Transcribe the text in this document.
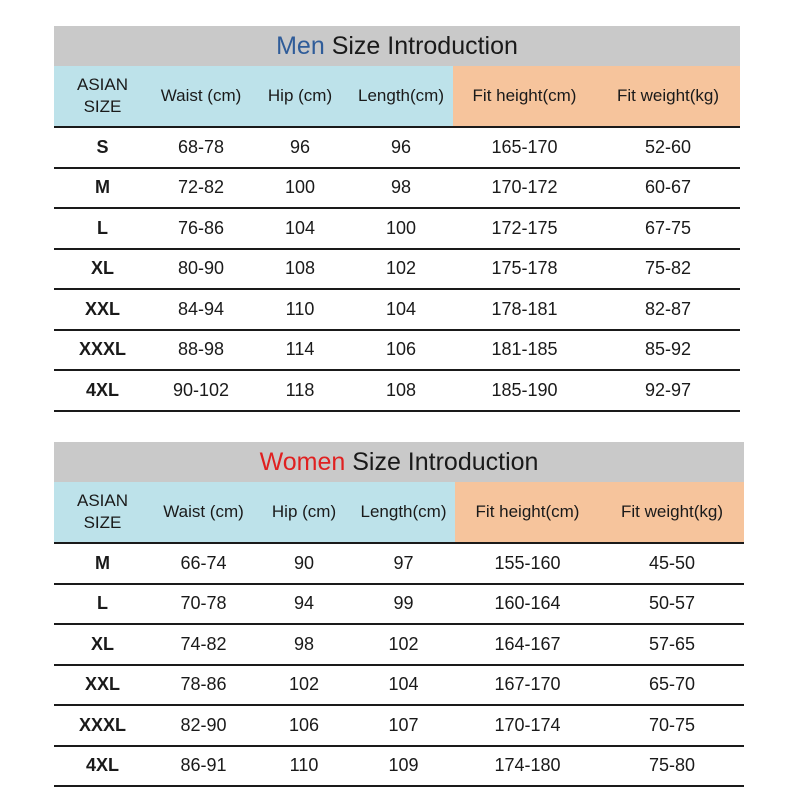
Men Size Introduction					
ASIAN SIZE	Waist (cm)	Hip (cm)	Length(cm)	Fit height(cm)	Fit weight(kg)
S	68-78	96	96	165-170	52-60
M	72-82	100	98	170-172	60-67
L	76-86	104	100	172-175	67-75
XL	80-90	108	102	175-178	75-82
XXL	84-94	110	104	178-181	82-87
XXXL	88-98	114	106	181-185	85-92
4XL	90-102	118	108	185-190	92-97
Women Size Introduction					
ASIAN SIZE	Waist (cm)	Hip (cm)	Length(cm)	Fit height(cm)	Fit weight(kg)
M	66-74	90	97	155-160	45-50
L	70-78	94	99	160-164	50-57
XL	74-82	98	102	164-167	57-65
XXL	78-86	102	104	167-170	65-70
XXXL	82-90	106	107	170-174	70-75
4XL	86-91	110	109	174-180	75-80
